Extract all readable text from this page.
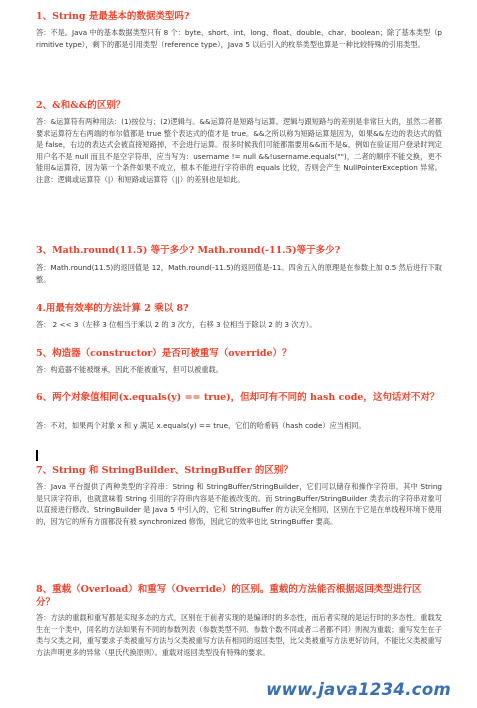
1、String 是最基本的数据类型吗?

答：不是。Java 中的基本数据类型只有 8 个：byte、short、int、long、float、double、char、boolean；除了基本类型（primitive type），剩下的都是引用类型（reference type），Java 5 以后引入的枚举类型也算是一种比较特殊的引用类型。

2、&和&&的区别？

答：&运算符有两种用法：(1)按位与；(2)逻辑与。&&运算符是短路与运算。逻辑与跟短路与的差别是非常巨大的，虽然二者都要求运算符左右两端的布尔值都是 true 整个表达式的值才是 true。&&之所以称为短路运算是因为，如果&&左边的表达式的值是 false，右边的表达式会被直接短路掉，不会进行运算。很多时候我们可能都需要用&&而不是&，例如在验证用户登录时判定用户名不是 null 而且不是空字符串，应当写为：username != null &&!username.equals("")，二者的顺序不能交换，更不能用&运算符，因为第一个条件如果不成立，根本不能进行字符串的 equals 比较，否则会产生 NullPointerException 异常。注意：逻辑或运算符（|）和短路或运算符（||）的差别也是如此。

3、Math.round(11.5) 等于多少? Math.round(-11.5)等于多少?

答：Math.round(11.5)的返回值是 12，Math.round(-11.5)的返回值是-11。四舍五入的原理是在参数上加 0.5 然后进行下取整。

4.用最有效率的方法计算 2 乘以 8?

答： 2 << 3（左移 3 位相当于乘以 2 的 3 次方，右移 3 位相当于除以 2 的 3 次方）。

5、构造器（constructor）是否可被重写（override）？

答：构造器不能被继承，因此不能被重写，但可以被重载。

6、两个对象值相同(x.equals(y) == true)，但却可有不同的 hash code，这句话对不对？

答：不对，如果两个对象 x 和 y 满足 x.equals(y) == true，它们的哈希码（hash code）应当相同。

7、String 和 StringBuilder、StringBuffer 的区别？

答：Java 平台提供了两种类型的字符串：String 和 StringBuffer/StringBuilder，它们可以储存和操作字符串。其中 String 是只读字符串，也就意味着 String 引用的字符串内容是不能被改变的。而 StringBuffer/StringBuilder 类表示的字符串对象可以直接进行修改。StringBuilder 是 Java 5 中引入的，它和 StringBuffer 的方法完全相同，区别在于它是在单线程环境下使用的，因为它的所有方面都没有被 synchronized 修饰，因此它的效率也比 StringBuffer 要高。

8、重载（Overload）和重写（Override）的区别。重载的方法能否根据返回类型进行区分？

答：方法的重载和重写都是实现多态的方式，区别在于前者实现的是编译时的多态性，而后者实现的是运行时的多态性。重载发生在一个类中，同名的方法如果有不同的参数列表（参数类型不同、参数个数不同或者二者都不同）则视为重载；重写发生在子类与父类之间，重写要求子类被重写方法与父类被重写方法有相同的返回类型，比父类被重写方法更好访问，不能比父类被重写方法声明更多的异常（里氏代换原则）。重载对返回类型没有特殊的要求。

www.java1234.com
